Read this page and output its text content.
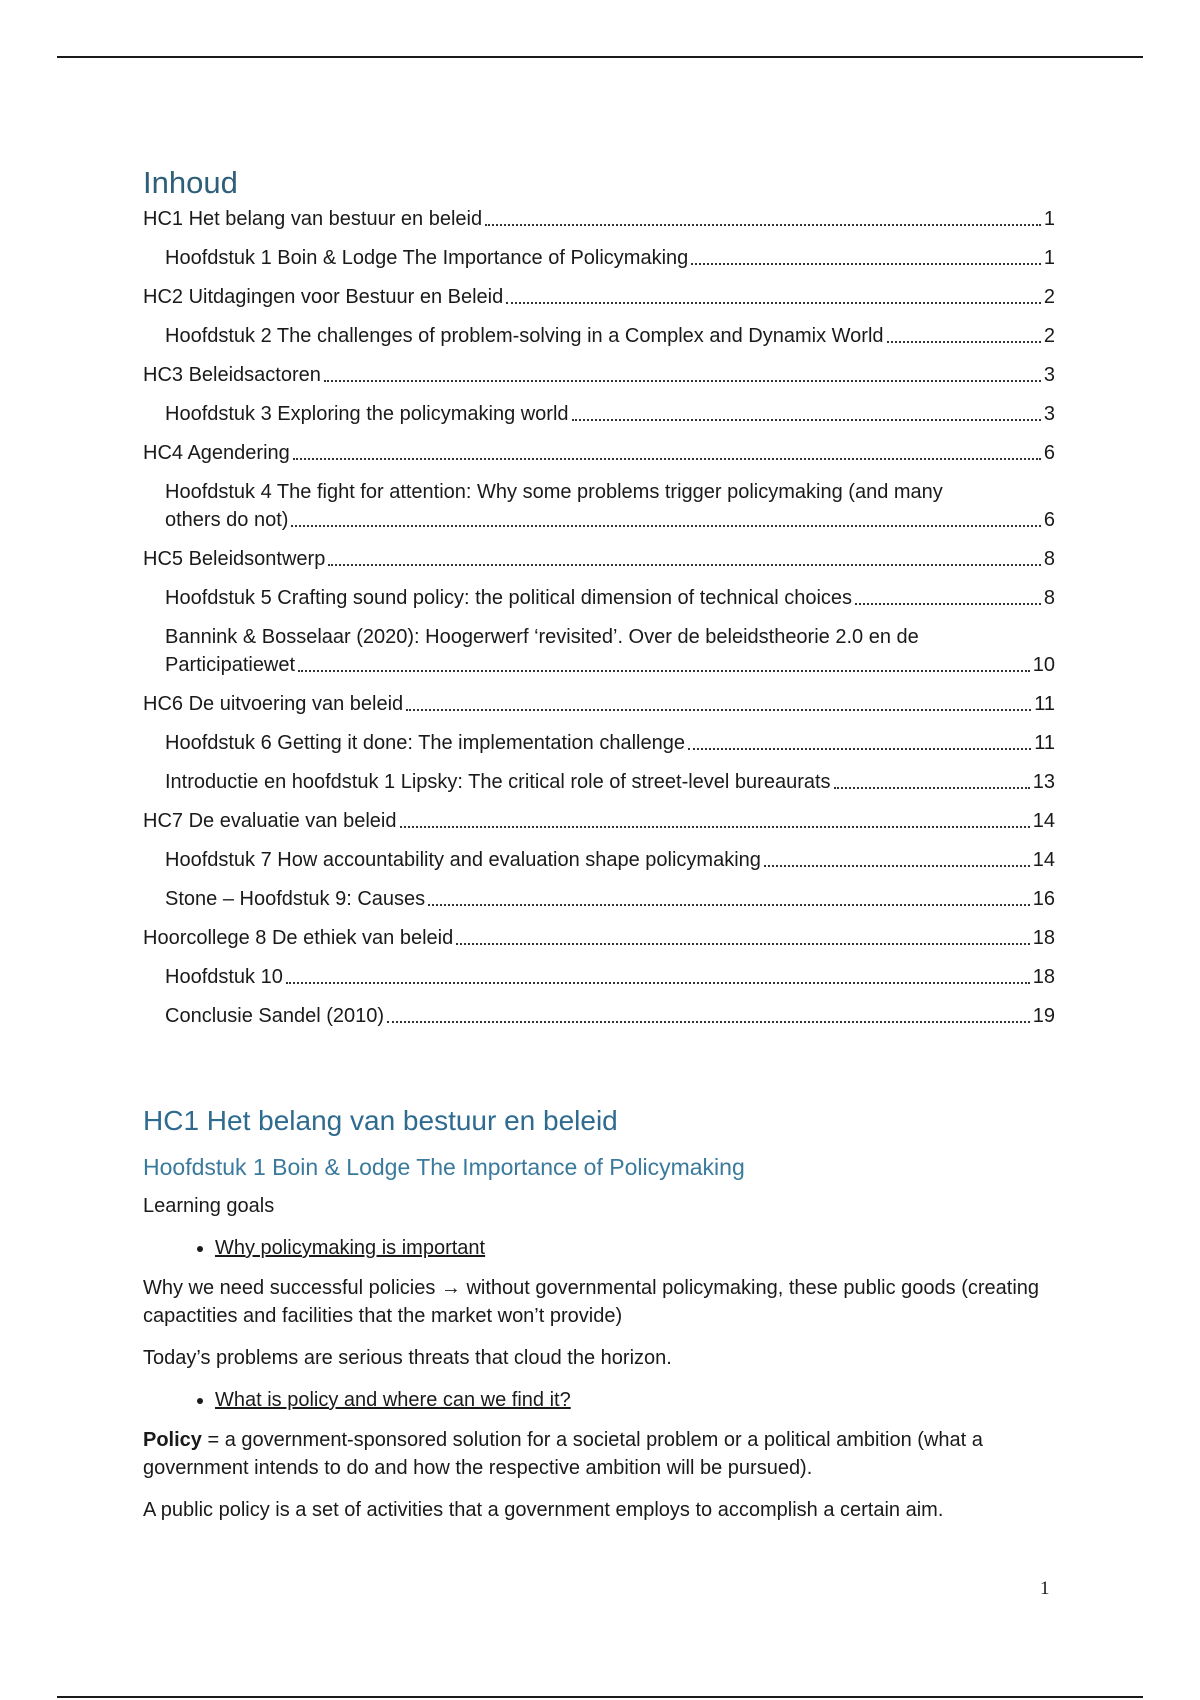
Inhoud
HC1 Het belang van bestuur en beleid	1
Hoofdstuk 1 Boin & Lodge The Importance of Policymaking	1
HC2 Uitdagingen voor Bestuur en Beleid	2
Hoofdstuk 2 The challenges of problem-solving in a Complex and Dynamix World	2
HC3 Beleidsactoren	3
Hoofdstuk 3 Exploring the policymaking world	3
HC4 Agendering	6
Hoofdstuk 4 The fight for attention: Why some problems trigger policymaking (and many
others do not)	6
HC5 Beleidsontwerp	8
Hoofdstuk 5 Crafting sound policy: the political dimension of technical choices	8
Bannink & Bosselaar (2020): Hoogerwerf ‘revisited’. Over de beleidstheorie 2.0 en de
Participatiewet	10
HC6 De uitvoering van beleid	11
Hoofdstuk 6 Getting it done: The implementation challenge	11
Introductie en hoofdstuk 1 Lipsky: The critical role of street-level bureaurats	13
HC7 De evaluatie van beleid	14
Hoofdstuk 7 How accountability and evaluation shape policymaking	14
Stone – Hoofdstuk 9: Causes	16
Hoorcollege 8 De ethiek van beleid	18
Hoofdstuk 10	18
Conclusie Sandel (2010)	19
HC1 Het belang van bestuur en beleid
Hoofdstuk 1 Boin & Lodge The Importance of Policymaking

Learning goals

• Why policymaking is important

Why we need successful policies → without governmental policymaking, these public goods (creating capactities and facilities that the market won’t provide)

Today’s problems are serious threats that cloud the horizon.

• What is policy and where can we find it?

Policy = a government-sponsored solution for a societal problem or a political ambition (what a government intends to do and how the respective ambition will be pursued).

A public policy is a set of activities that a government employs to accomplish a certain aim.

1
